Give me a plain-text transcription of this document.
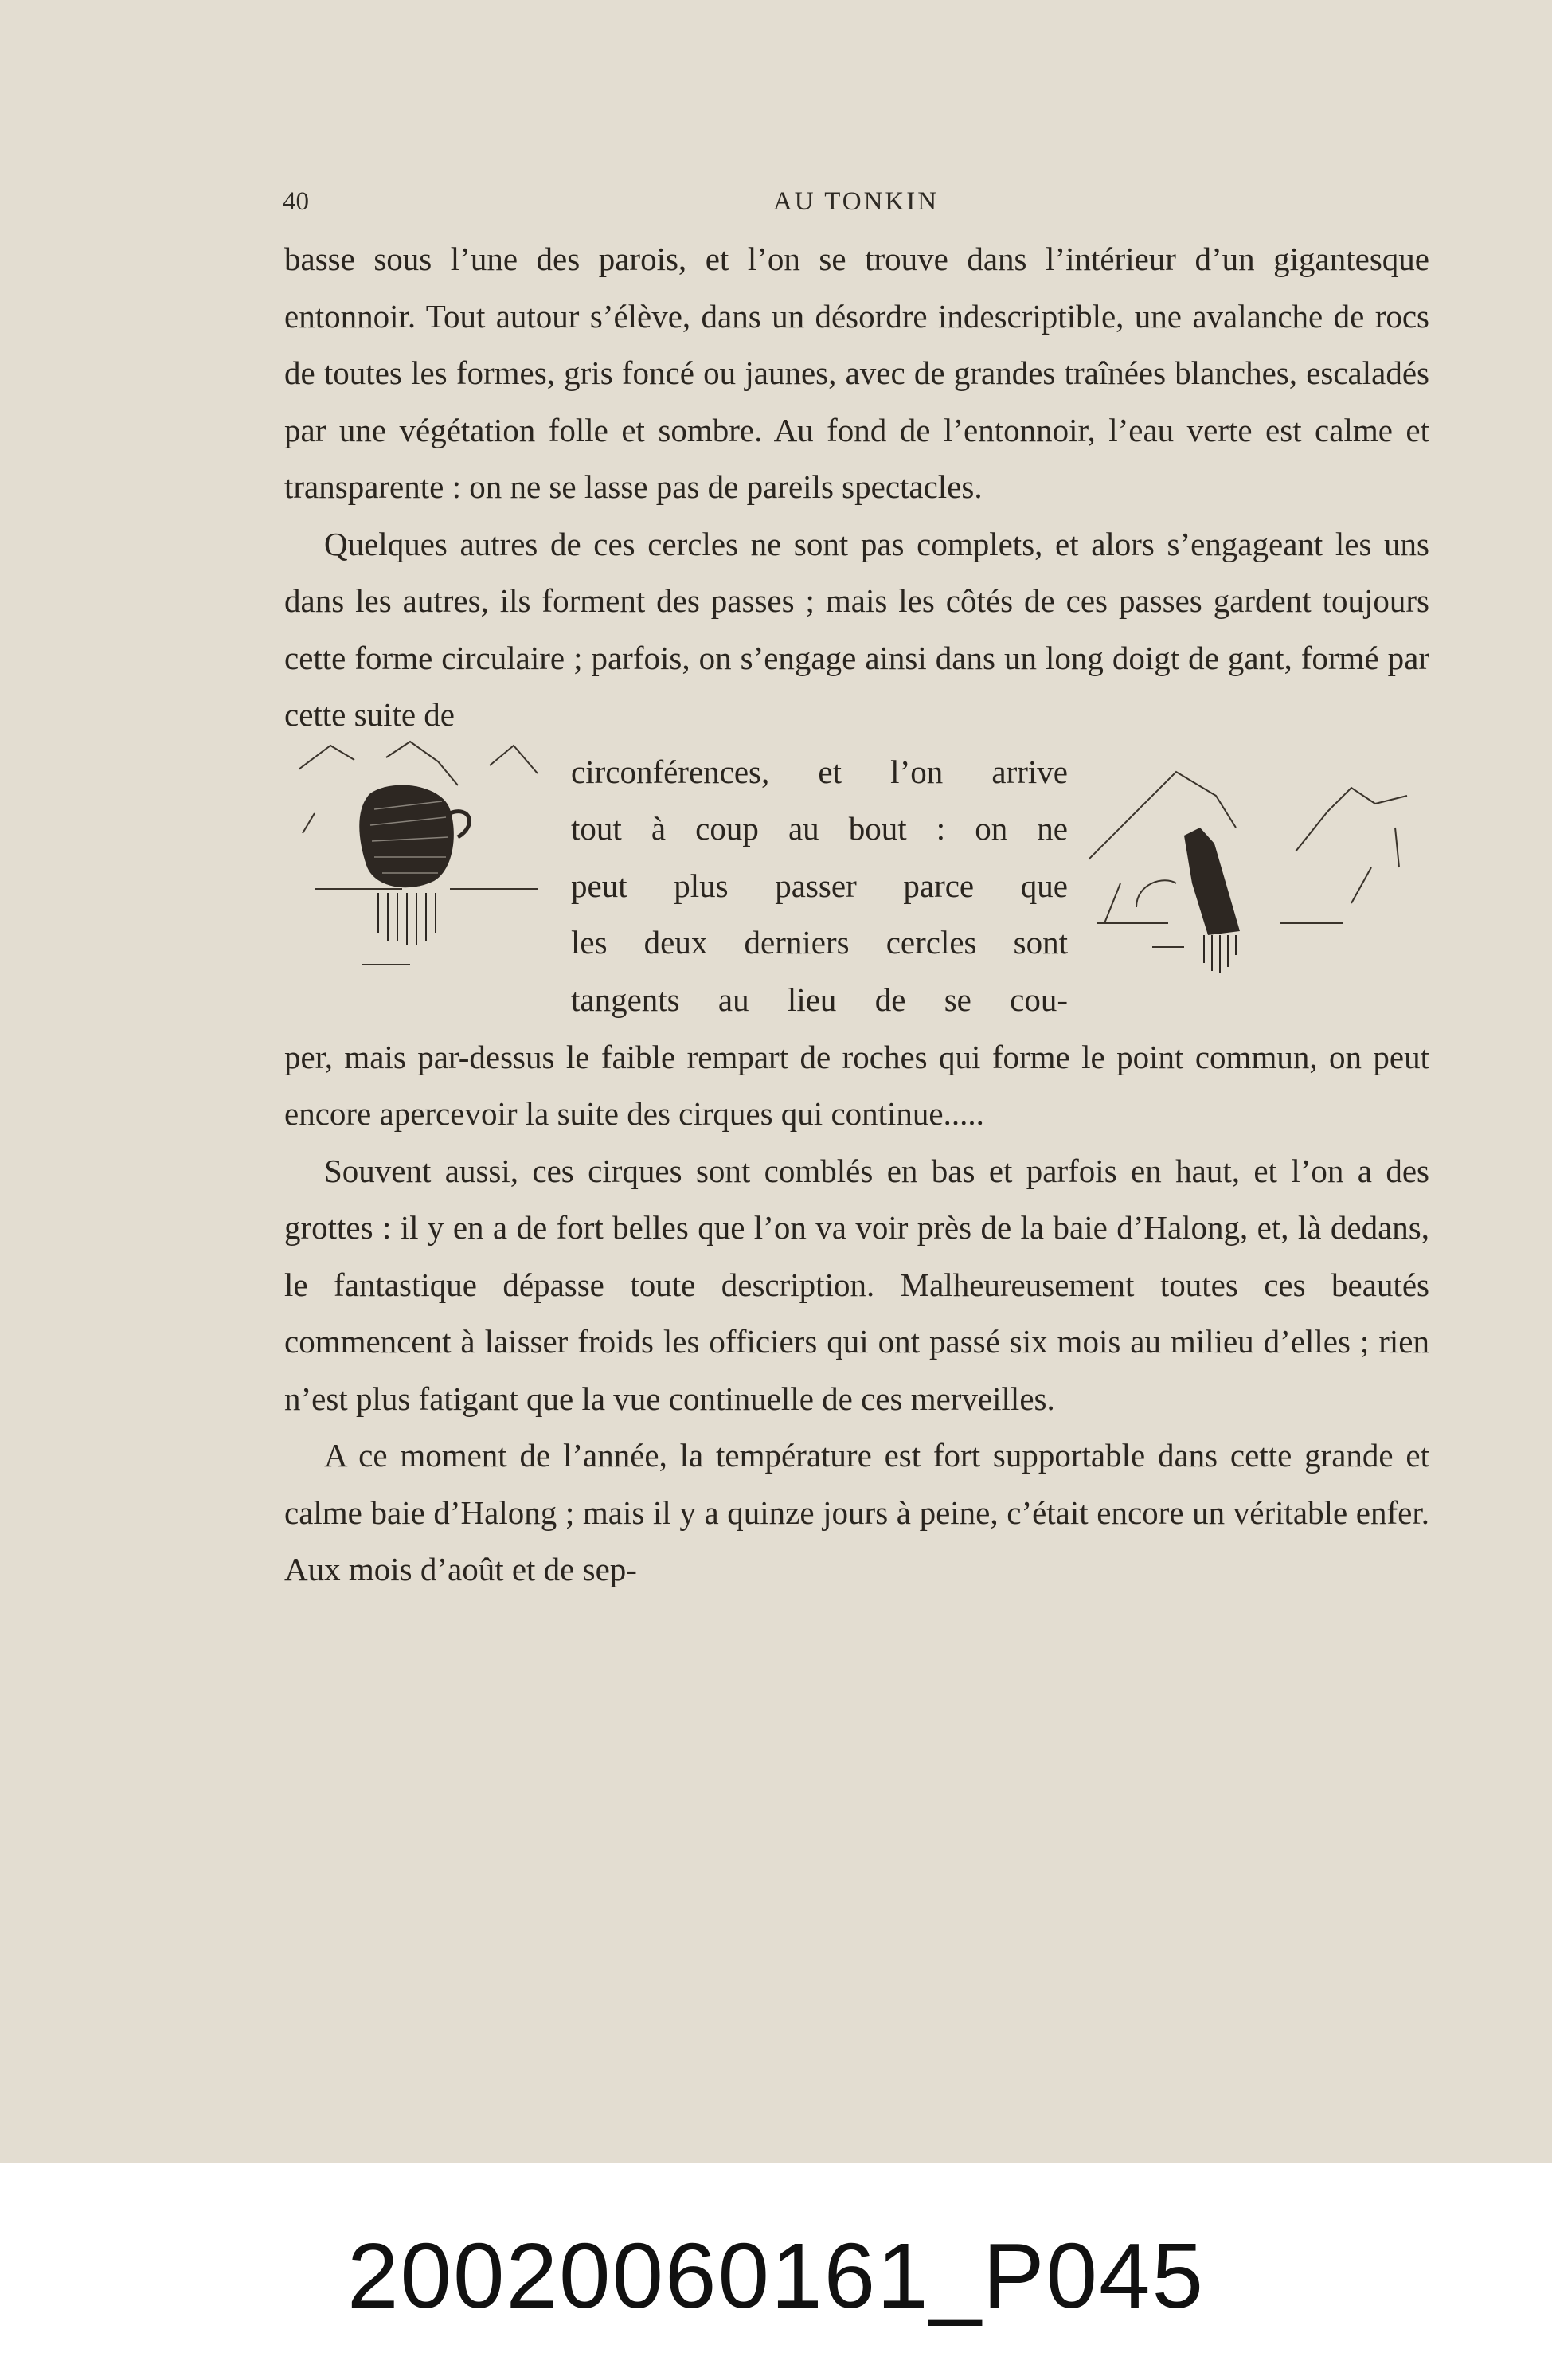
40	AU TONKIN

basse sous l’une des parois, et l’on se trouve dans l’intérieur d’un gigantesque entonnoir. Tout autour s’élève, dans un désordre indescriptible, une avalanche de rocs de toutes les formes, gris foncé ou jaunes, avec de grandes traînées blanches, escaladés par une végétation folle et sombre. Au fond de l’entonnoir, l’eau verte est calme et transparente : on ne se lasse pas de pareils spectacles.

Quelques autres de ces cercles ne sont pas complets, et alors s’engageant les uns dans les autres, ils forment des passes ; mais les côtés de ces passes gardent toujours cette forme circulaire ; parfois, on s’engage ainsi dans un long doigt de gant, formé par cette suite de

circonférences, et l’on arrive
tout à coup au bout : on ne
peut plus passer parce que
les deux derniers cercles sont
tangents au lieu de se cou-

per, mais par-dessus le faible rempart de roches qui forme le point commun, on peut encore apercevoir la suite des cirques qui continue.....

Souvent aussi, ces cirques sont comblés en bas et parfois en haut, et l’on a des grottes : il y en a de fort belles que l’on va voir près de la baie d’Halong, et, là dedans, le fantastique dépasse toute description. Malheureusement toutes ces beautés commencent à laisser froids les officiers qui ont passé six mois au milieu d’elles ; rien n’est plus fatigant que la vue continuelle de ces merveilles.

A ce moment de l’année, la température est fort supportable dans cette grande et calme baie d’Halong ; mais il y a quinze jours à peine, c’était encore un véritable enfer. Aux mois d’août et de sep-

20020060161_P045
